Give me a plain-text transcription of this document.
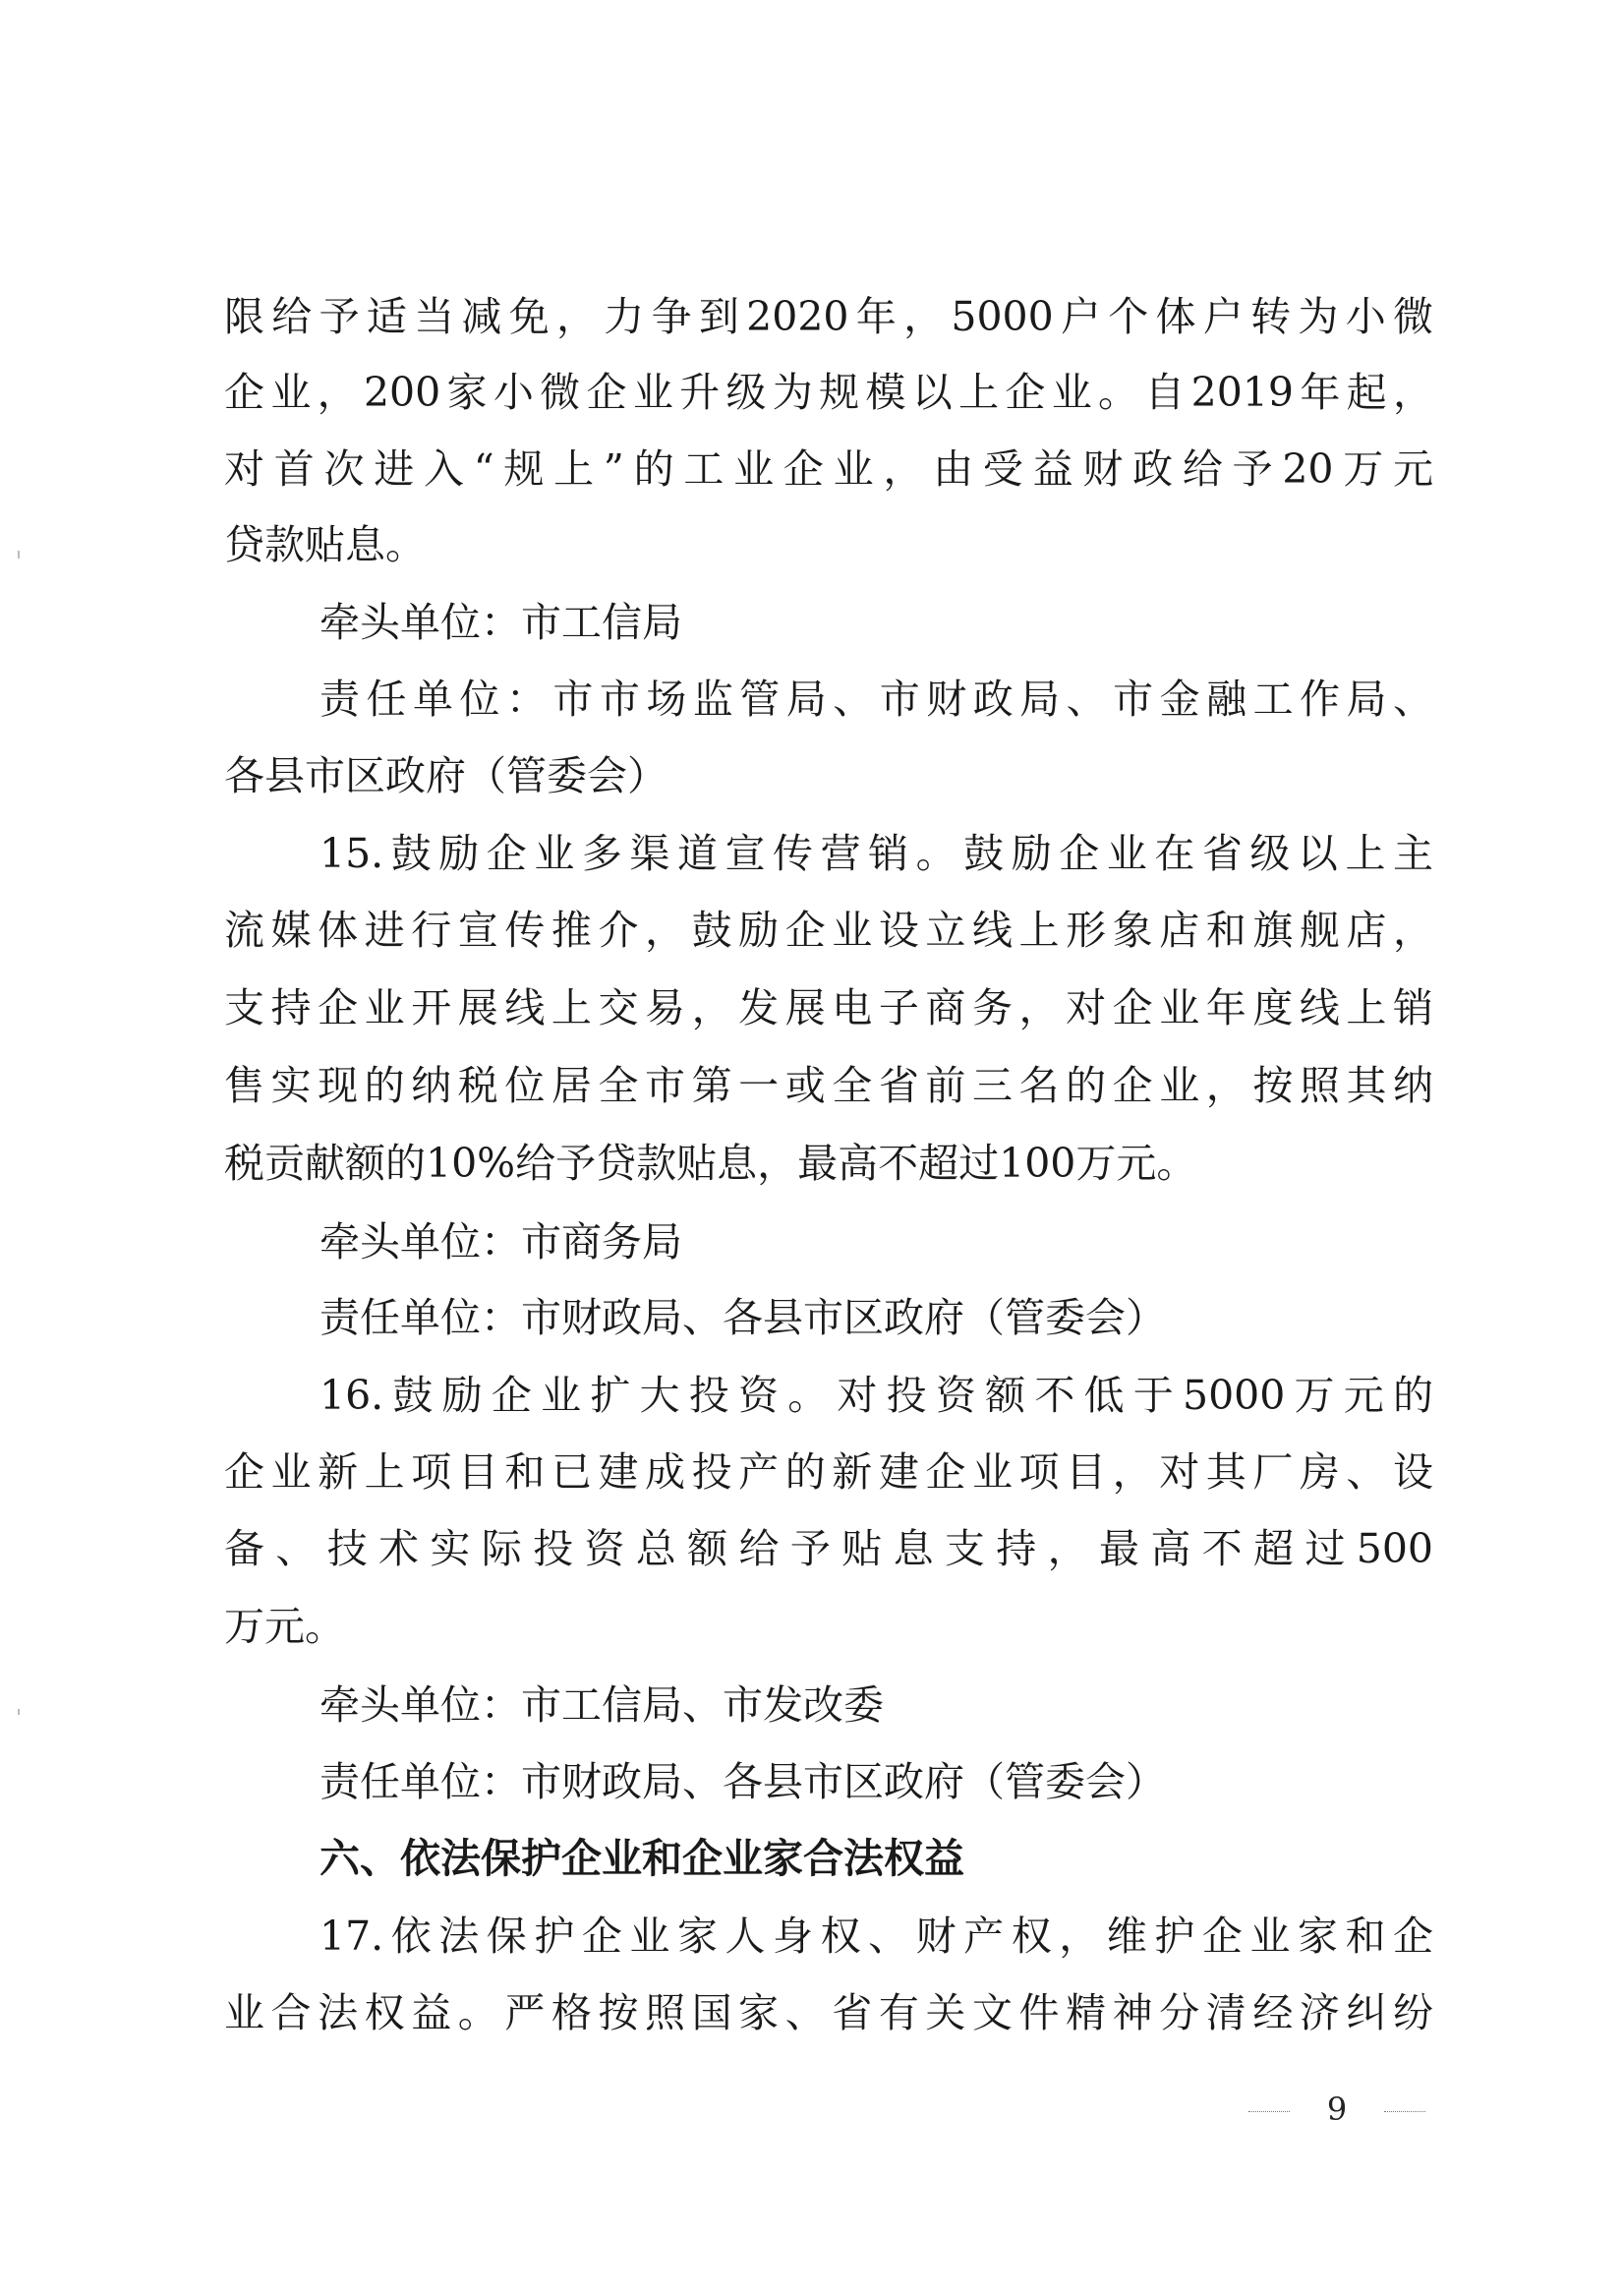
限给予适当减免，力争到2020年，5000户个体户转为小微
企业，200家小微企业升级为规模以上企业。自2019年起，
对首次进入“规上”的工业企业，由受益财政给予20万元
贷款贴息。
牵头单位：市工信局
责任单位：市市场监管局、市财政局、市金融工作局、
各县市区政府（管委会）
15.鼓励企业多渠道宣传营销。鼓励企业在省级以上主
流媒体进行宣传推介，鼓励企业设立线上形象店和旗舰店，
支持企业开展线上交易，发展电子商务，对企业年度线上销
售实现的纳税位居全市第一或全省前三名的企业，按照其纳
税贡献额的10%给予贷款贴息，最高不超过100万元。
牵头单位：市商务局
责任单位：市财政局、各县市区政府（管委会）
16.鼓励企业扩大投资。对投资额不低于5000万元的
企业新上项目和已建成投产的新建企业项目，对其厂房、设
备、技术实际投资总额给予贴息支持，最高不超过500
万元。
牵头单位：市工信局、市发改委
责任单位：市财政局、各县市区政府（管委会）
六、依法保护企业和企业家合法权益
17.依法保护企业家人身权、财产权，维护企业家和企
业合法权益。严格按照国家、省有关文件精神分清经济纠纷
9
